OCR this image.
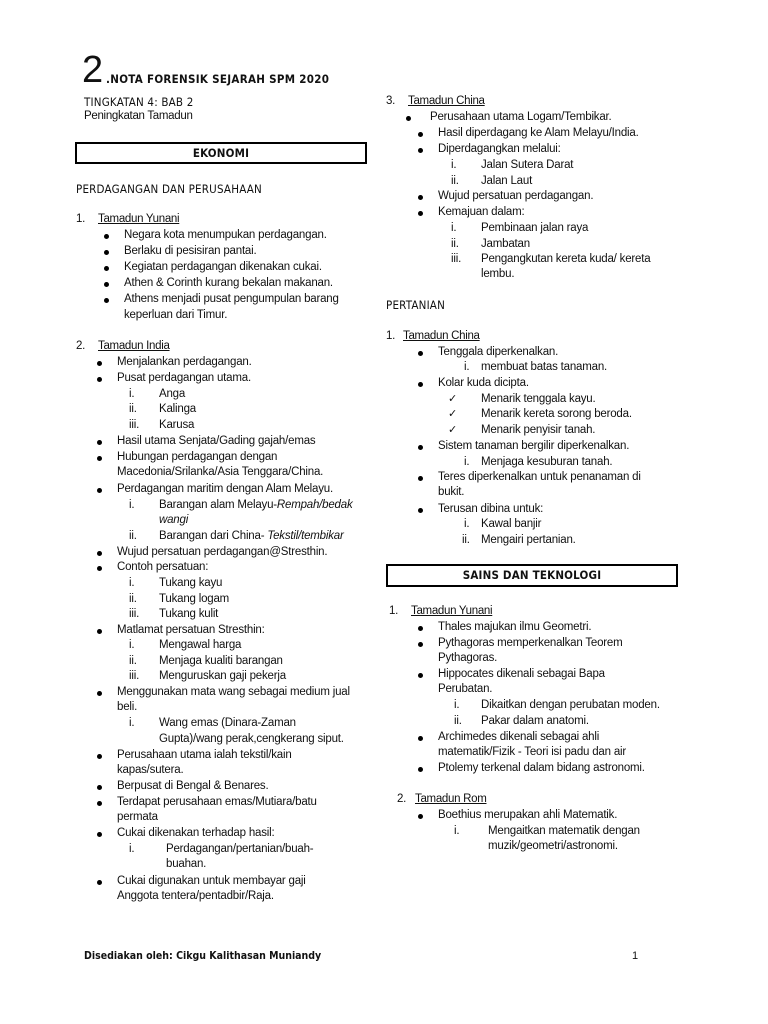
2 .NOTA FORENSIK SEJARAH SPM 2020
TINGKATAN 4: BAB 2
Peningkatan Tamadun
EKONOMI
PERDAGANGAN DAN PERUSAHAAN
1. Tamadun Yunani
Negara kota menumpukan perdagangan.
Berlaku di pesisiran pantai.
Kegiatan perdagangan dikenakan cukai.
Athen & Corinth kurang bekalan makanan.
Athens menjadi pusat pengumpulan barang
keperluan dari Timur.
2. Tamadun India
Menjalankan perdagangan.
Pusat perdagangan utama.
i. Anga
ii. Kalinga
iii. Karusa
Hasil utama Senjata/Gading gajah/emas
Hubungan perdagangan dengan
Macedonia/Srilanka/Asia Tenggara/China.
Perdagangan maritim dengan Alam Melayu.
i. Barangan alam Melayu-Rempah/bedak
wangi
ii. Barangan dari China- Tekstil/tembikar
Wujud persatuan perdagangan@Stresthin.
Contoh persatuan:
i. Tukang kayu
ii. Tukang logam
iii. Tukang kulit
Matlamat persatuan Stresthin:
i. Mengawal harga
ii. Menjaga kualiti barangan
iii. Menguruskan gaji pekerja
Menggunakan mata wang sebagai medium jual
beli.
i. Wang emas (Dinara-Zaman
Gupta)/wang perak,cengkerang siput.
Perusahaan utama ialah tekstil/kain
kapas/sutera.
Berpusat di Bengal & Benares.
Terdapat perusahaan emas/Mutiara/batu
permata
Cukai dikenakan terhadap hasil:
i.	Perdagangan/pertanian/buah-
buahan.
Cukai digunakan untuk membayar gaji
Anggota tentera/pentadbir/Raja.
3. Tamadun China
Perusahaan utama Logam/Tembikar.
Hasil diperdagang ke Alam Melayu/India.
Diperdagangkan melalui:
i. Jalan Sutera Darat
ii. Jalan Laut
Wujud persatuan perdagangan.
Kemajuan dalam:
i. Pembinaan jalan raya
ii. Jambatan
iii. Pengangkutan kereta kuda/ kereta
lembu.
PERTANIAN
1. Tamadun China
Tenggala diperkenalkan.
i. membuat batas tanaman.
Kolar kuda dicipta.
✓ Menarik tenggala kayu.
✓ Menarik kereta sorong beroda.
✓ Menarik penyisir tanah.
Sistem tanaman bergilir diperkenalkan.
i. Menjaga kesuburan tanah.
Teres diperkenalkan untuk penanaman di
bukit.
Terusan dibina untuk:
i. Kawal banjir
ii. Mengairi pertanian.
SAINS DAN TEKNOLOGI
1. Tamadun Yunani
Thales majukan ilmu Geometri.
Pythagoras memperkenalkan Teorem
Pythagoras.
Hippocates dikenali sebagai Bapa
Perubatan.
i. Dikaitkan dengan perubatan moden.
ii. Pakar dalam anatomi.
Archimedes dikenali sebagai ahli
matematik/Fizik - Teori isi padu dan air
Ptolemy terkenal dalam bidang astronomi.
2. Tamadun Rom
Boethius merupakan ahli Matematik.
i. Mengaitkan matematik dengan
muzik/geometri/astronomi.
Disediakan oleh: Cikgu Kalithasan Muniandy	1
